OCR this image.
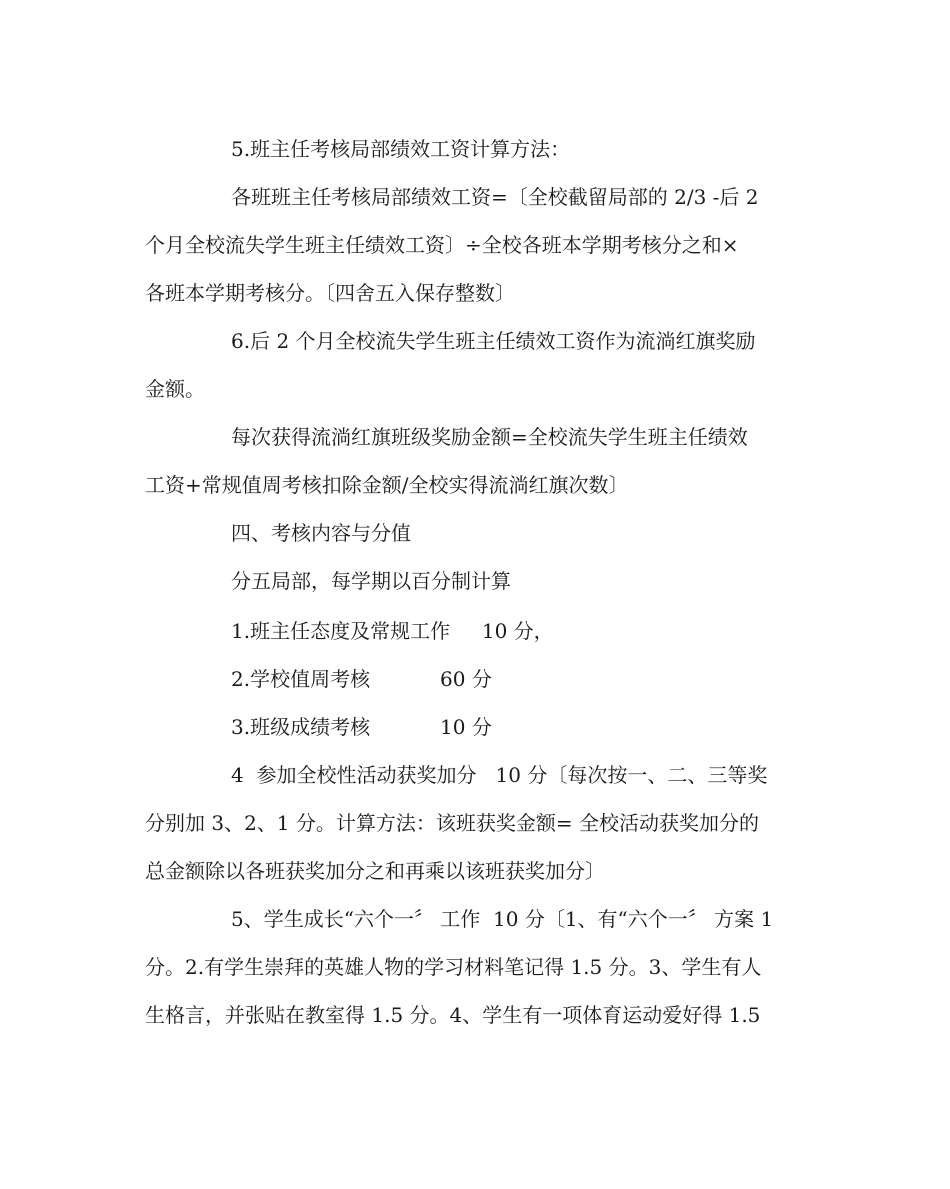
5.班主任考核局部绩效工资计算方法：
各班班主任考核局部绩效工资=〔全校截留局部的 2/3 -后 2
个月全校流失学生班主任绩效工资〕÷全校各班本学期考核分之和×
各班本学期考核分。〔四舍五入保存整数〕
6.后 2 个月全校流失学生班主任绩效工资作为流淌红旗奖励
金额。
每次获得流淌红旗班级奖励金额=全校流失学生班主任绩效
工资+常规值周考核扣除金额/全校实得流淌红旗次数〕
四、考核内容与分值
分五局部，每学期以百分制计算
1.班主任态度及常规工作     10 分，
2.学校值周考核           60 分
3.班级成绩考核           10 分
4  参加全校性活动获奖加分   10 分〔每次按一、二、三等奖
分别加 3、2、1 分。计算方法：该班获奖金额= 全校活动获奖加分的
总金额除以各班获奖加分之和再乘以该班获奖加分〕
5、学生成长“六个一〞 工作  10 分〔1、有“六个一〞 方案 1
分。2.有学生崇拜的英雄人物的学习材料笔记得 1.5 分。3、学生有人
生格言，并张贴在教室得 1.5 分。4、学生有一项体育运动爱好得 1.5
